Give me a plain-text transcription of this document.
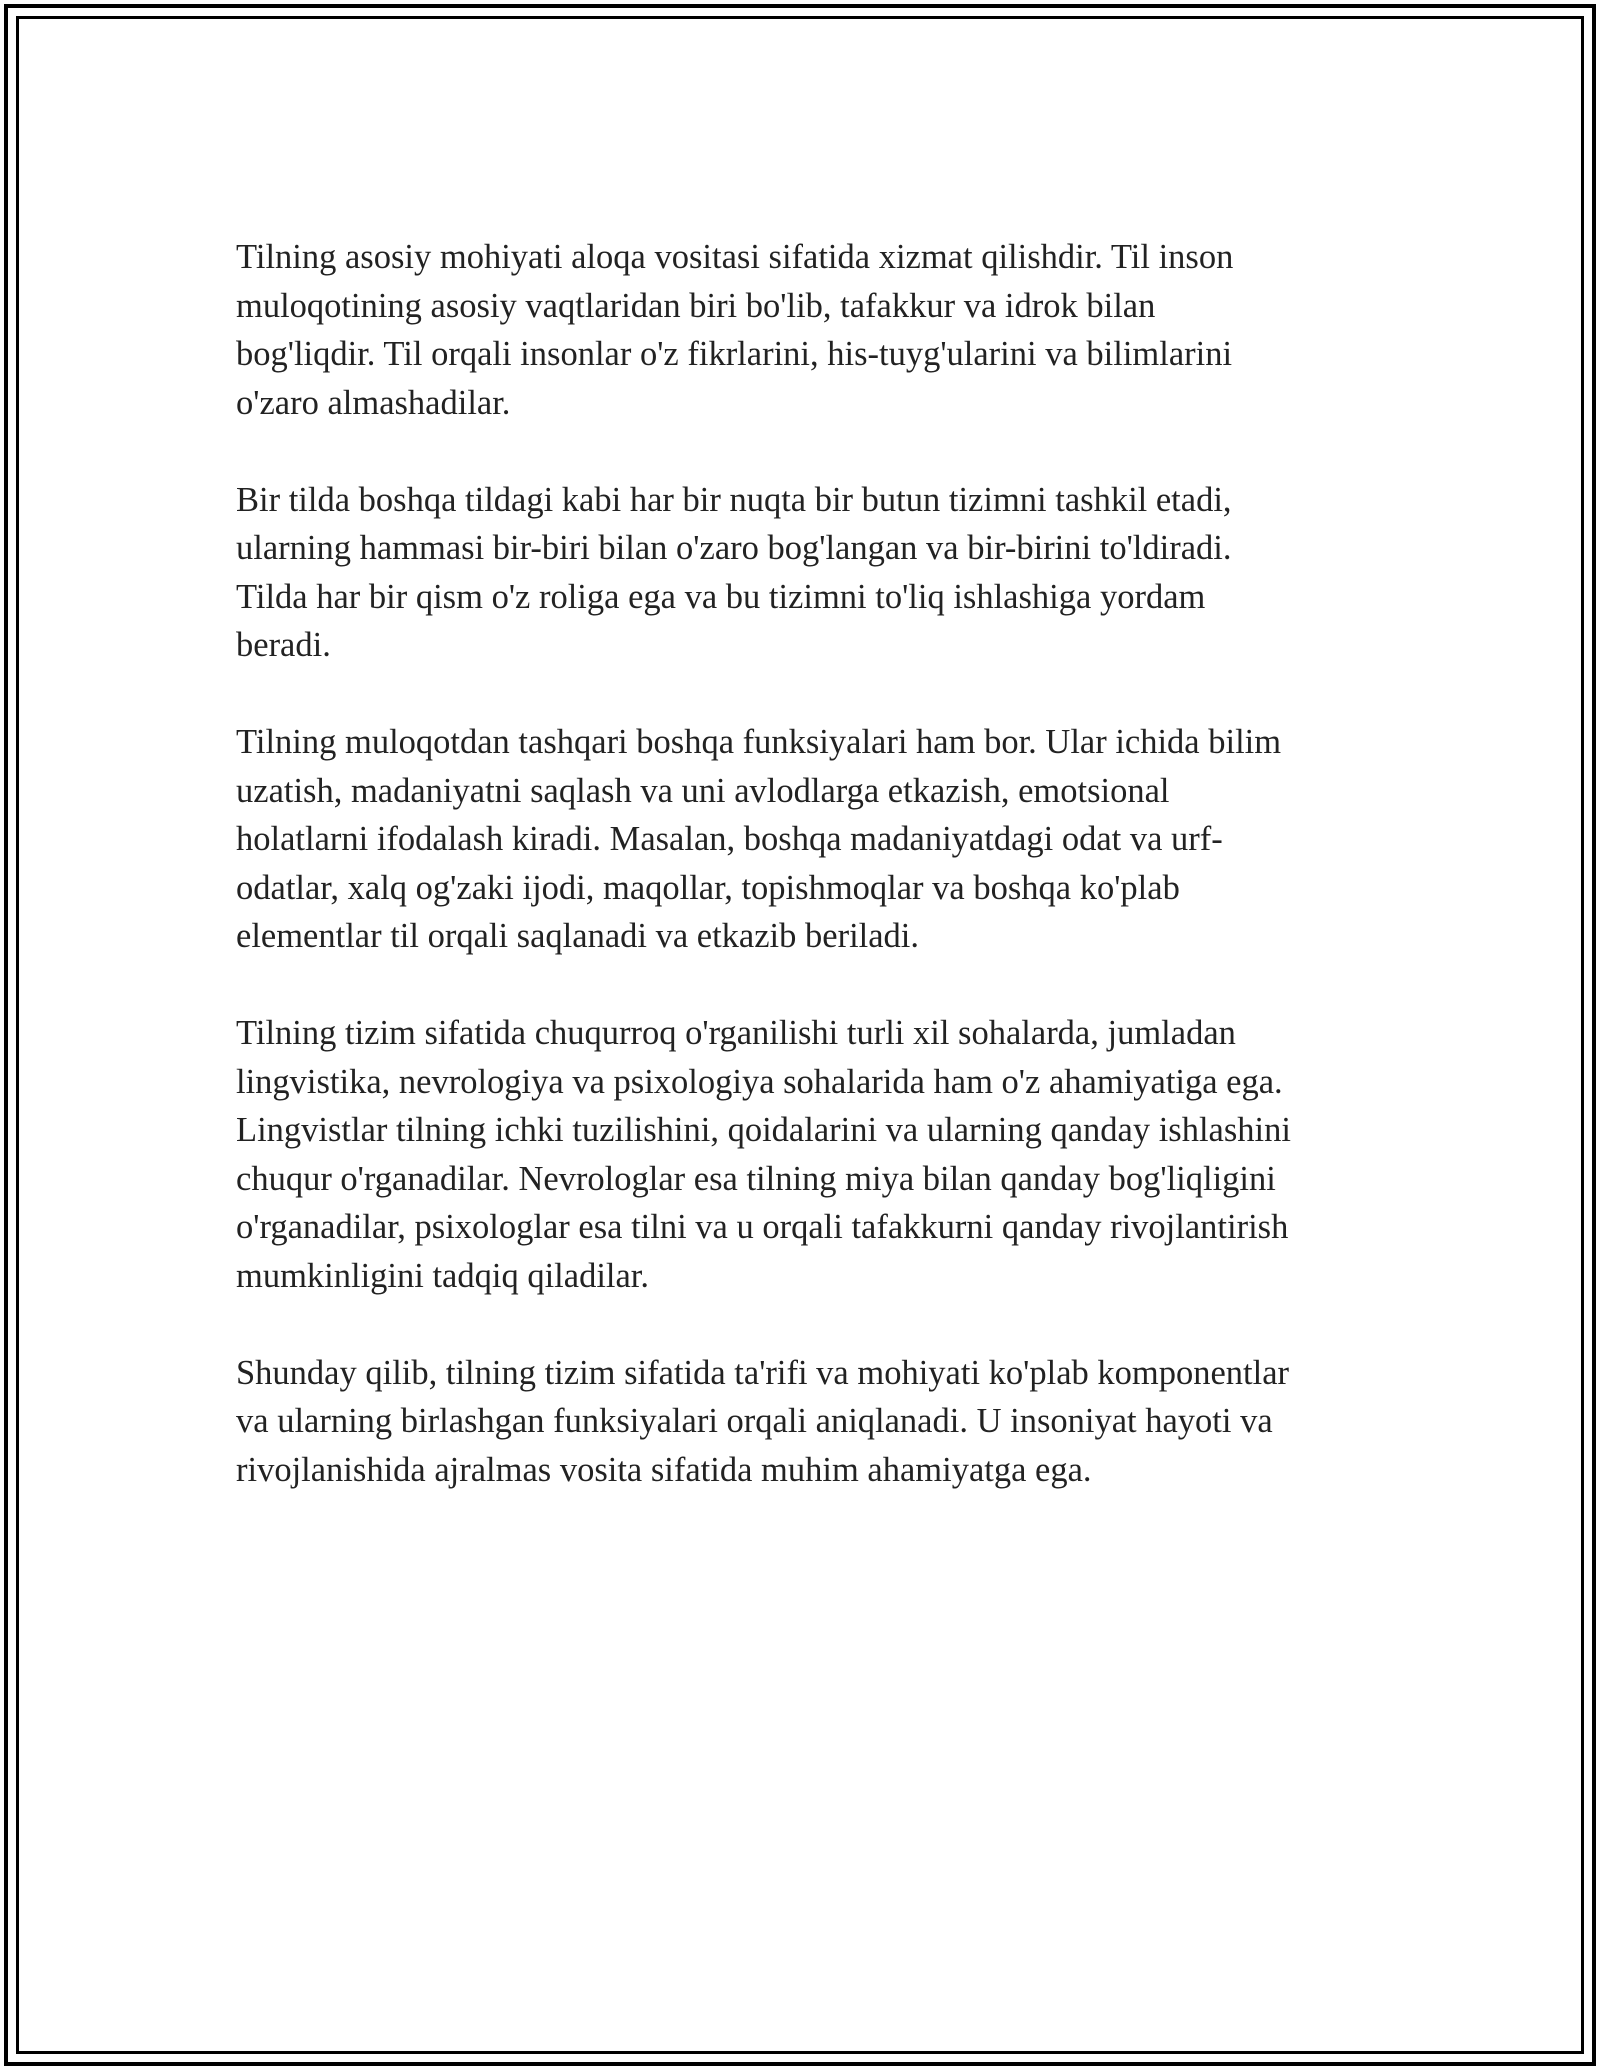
Tilning asosiy mohiyati aloqa vositasi sifatida xizmat qilishdir. Til inson
muloqotining asosiy vaqtlaridan biri bo'lib, tafakkur va idrok bilan
bog'liqdir. Til orqali insonlar o'z fikrlarini, his-tuyg'ularini va bilimlarini
o'zaro almashadilar.

Bir tilda boshqa tildagi kabi har bir nuqta bir butun tizimni tashkil etadi,
ularning hammasi bir-biri bilan o'zaro bog'langan va bir-birini to'ldiradi.
Tilda har bir qism o'z roliga ega va bu tizimni to'liq ishlashiga yordam
beradi.

Tilning muloqotdan tashqari boshqa funksiyalari ham bor. Ular ichida bilim
uzatish, madaniyatni saqlash va uni avlodlarga etkazish, emotsional
holatlarni ifodalash kiradi. Masalan, boshqa madaniyatdagi odat va urf-
odatlar, xalq og'zaki ijodi, maqollar, topishmoqlar va boshqa ko'plab
elementlar til orqali saqlanadi va etkazib beriladi.

Tilning tizim sifatida chuqurroq o'rganilishi turli xil sohalarda, jumladan
lingvistika, nevrologiya va psixologiya sohalarida ham o'z ahamiyatiga ega.
Lingvistlar tilning ichki tuzilishini, qoidalarini va ularning qanday ishlashini
chuqur o'rganadilar. Nevrologlar esa tilning miya bilan qanday bog'liqligini
o'rganadilar, psixologlar esa tilni va u orqali tafakkurni qanday rivojlantirish
mumkinligini tadqiq qiladilar.

Shunday qilib, tilning tizim sifatida ta'rifi va mohiyati ko'plab komponentlar
va ularning birlashgan funksiyalari orqali aniqlanadi. U insoniyat hayoti va
rivojlanishida ajralmas vosita sifatida muhim ahamiyatga ega.
